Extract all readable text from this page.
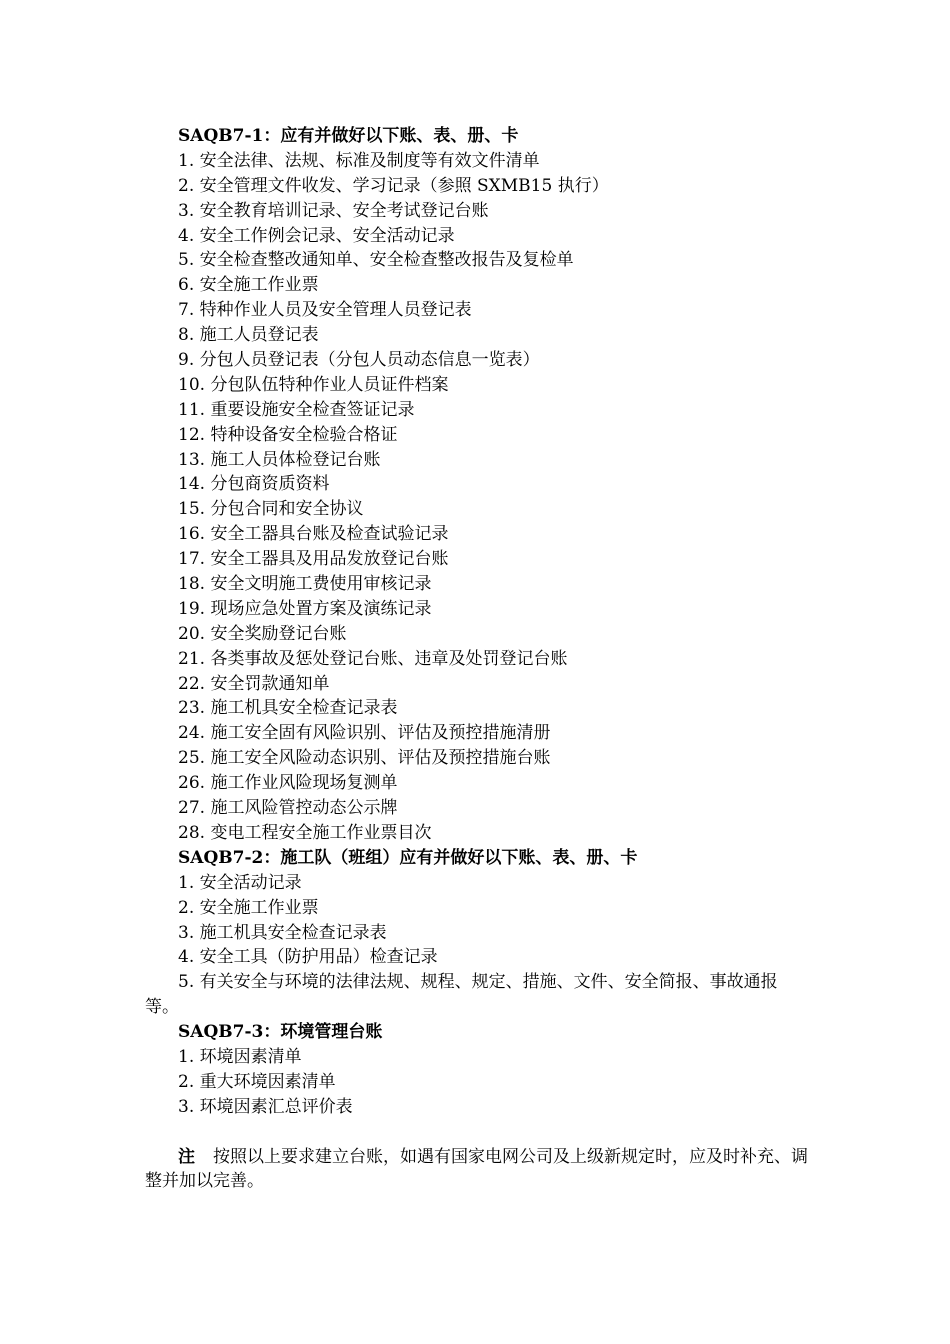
SAQB7-1：应有并做好以下账、表、册、卡
1. 安全法律、法规、标准及制度等有效文件清单
2. 安全管理文件收发、学习记录（参照 SXMB15 执行）
3. 安全教育培训记录、安全考试登记台账
4. 安全工作例会记录、安全活动记录
5. 安全检查整改通知单、安全检查整改报告及复检单
6. 安全施工作业票
7. 特种作业人员及安全管理人员登记表
8. 施工人员登记表
9. 分包人员登记表（分包人员动态信息一览表）
10. 分包队伍特种作业人员证件档案
11. 重要设施安全检查签证记录
12. 特种设备安全检验合格证
13. 施工人员体检登记台账
14. 分包商资质资料
15. 分包合同和安全协议
16. 安全工器具台账及检查试验记录
17. 安全工器具及用品发放登记台账
18. 安全文明施工费使用审核记录
19. 现场应急处置方案及演练记录
20. 安全奖励登记台账
21. 各类事故及惩处登记台账、违章及处罚登记台账
22. 安全罚款通知单
23. 施工机具安全检查记录表
24. 施工安全固有风险识别、评估及预控措施清册
25. 施工安全风险动态识别、评估及预控措施台账
26. 施工作业风险现场复测单
27. 施工风险管控动态公示牌
28. 变电工程安全施工作业票目次
SAQB7-2：施工队（班组）应有并做好以下账、表、册、卡
1. 安全活动记录
2. 安全施工作业票
3. 施工机具安全检查记录表
4. 安全工具（防护用品）检查记录
5. 有关安全与环境的法律法规、规程、规定、措施、文件、安全简报、事故通报等。
SAQB7-3：环境管理台账
1. 环境因素清单
2. 重大环境因素清单
3. 环境因素汇总评价表
注 按照以上要求建立台账，如遇有国家电网公司及上级新规定时，应及时补充、调整并加以完善。
